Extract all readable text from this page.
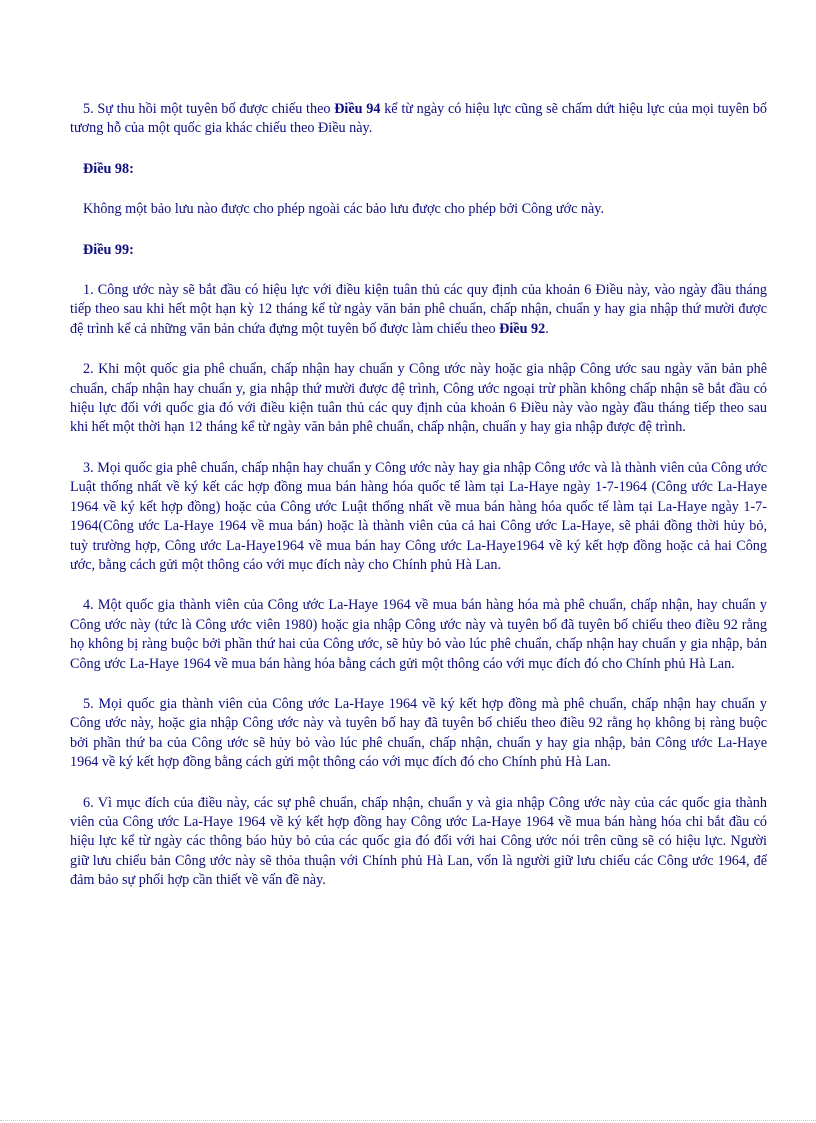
5. Sự thu hồi một tuyên bố được chiếu theo Điều 94 kể từ ngày có hiệu lực cũng sẽ chấm dứt hiệu lực của mọi tuyên bố tương hỗ của một quốc gia khác chiếu theo Điều này.

Điều 98:

Không một bảo lưu nào được cho phép ngoài các bảo lưu được cho phép bởi Công ước này.

Điều 99:

1. Công ước này sẽ bắt đầu có hiệu lực với điều kiện tuân thủ các quy định của khoản 6 Điều này, vào ngày đầu tháng tiếp theo sau khi hết một hạn kỳ 12 tháng kể từ ngày văn bản phê chuẩn, chấp nhận, chuẩn y hay gia nhập thứ mười được đệ trình kể cả những văn bản chứa đựng một tuyên bố được làm chiếu theo Điều 92.

2. Khi một quốc gia phê chuẩn, chấp nhận hay chuẩn y Công ước này hoặc gia nhập Công ước sau ngày văn bản phê chuẩn, chấp nhận hay chuẩn y, gia nhập thứ mười được đệ trình, Công ước ngoại trừ phần không chấp nhận sẽ bắt đầu có hiệu lực đối với quốc gia đó với điều kiện tuân thủ các quy định của khoản 6 Điều này vào ngày đầu tháng tiếp theo sau khi hết một thời hạn 12 tháng kể từ ngày văn bản phê chuẩn, chấp nhận, chuẩn y hay gia nhập được đệ trình.

3. Mọi quốc gia phê chuẩn, chấp nhận hay chuẩn y Công ước này hay gia nhập Công ước và là thành viên của Công ước Luật thống nhất về ký kết các hợp đồng mua bán hàng hóa quốc tế làm tại La-Haye ngày 1-7-1964 (Công ước La-Haye 1964 về ký kết hợp đồng) hoặc của Công ước Luật thống nhất về mua bán hàng hóa quốc tế làm tại La-Haye ngày 1-7-1964(Công ước La-Haye 1964 về mua bán) hoặc là thành viên của cả hai Công ước La-Haye, sẽ phải đồng thời hủy bỏ, tuỳ trường hợp, Công ước La-Haye1964 về mua bán hay Công ước La-Haye1964 về ký kết hợp đồng hoặc cả hai Công ước, bằng cách gửi một thông cáo với mục đích này cho Chính phủ Hà Lan.

4. Một quốc gia thành viên của Công ước La-Haye 1964 về mua bán hàng hóa mà phê chuẩn, chấp nhận, hay chuẩn y Công ước này (tức là Công ước viên 1980) hoặc gia nhập Công ước này và tuyên bố đã tuyên bố chiếu theo điều 92 rằng họ không bị ràng buộc bởi phần thứ hai của Công ước, sẽ hủy bỏ vào lúc phê chuẩn, chấp nhận hay chuẩn y gia nhập, bản Công ước La-Haye 1964 về mua bán hàng hóa bằng cách gửi một thông cáo với mục đích đó cho Chính phủ Hà Lan.

5. Mọi quốc gia thành viên của Công ước La-Haye 1964 về ký kết hợp đồng mà phê chuẩn, chấp nhận hay chuẩn y Công ước này, hoặc gia nhập Công ước này và tuyên bố hay đã tuyên bố chiếu theo điều 92 rằng họ không bị ràng buộc bởi phần thứ ba của Công ước sẽ hủy bỏ vào lúc phê chuẩn, chấp nhận, chuẩn y hay gia nhập, bản Công ước La-Haye 1964 về ký kết hợp đồng bằng cách gửi một thông cáo với mục đích đó cho Chính phủ Hà Lan.

6. Vì mục đích của điều này, các sự phê chuẩn, chấp nhận, chuẩn y và gia nhập Công ước này của các quốc gia thành viên của Công ước La-Haye 1964 về ký kết hợp đồng hay Công ước La-Haye 1964 về mua bán hàng hóa chỉ bắt đầu có hiệu lực kể từ ngày các thông báo hủy bỏ của các quốc gia đó đối với hai Công ước nói trên cũng sẽ có hiệu lực. Người giữ lưu chiểu bản Công ước này sẽ thỏa thuận với Chính phủ Hà Lan, vốn là người giữ lưu chiểu các Công ước 1964, để đảm bảo sự phối hợp cần thiết về vấn đề này.
